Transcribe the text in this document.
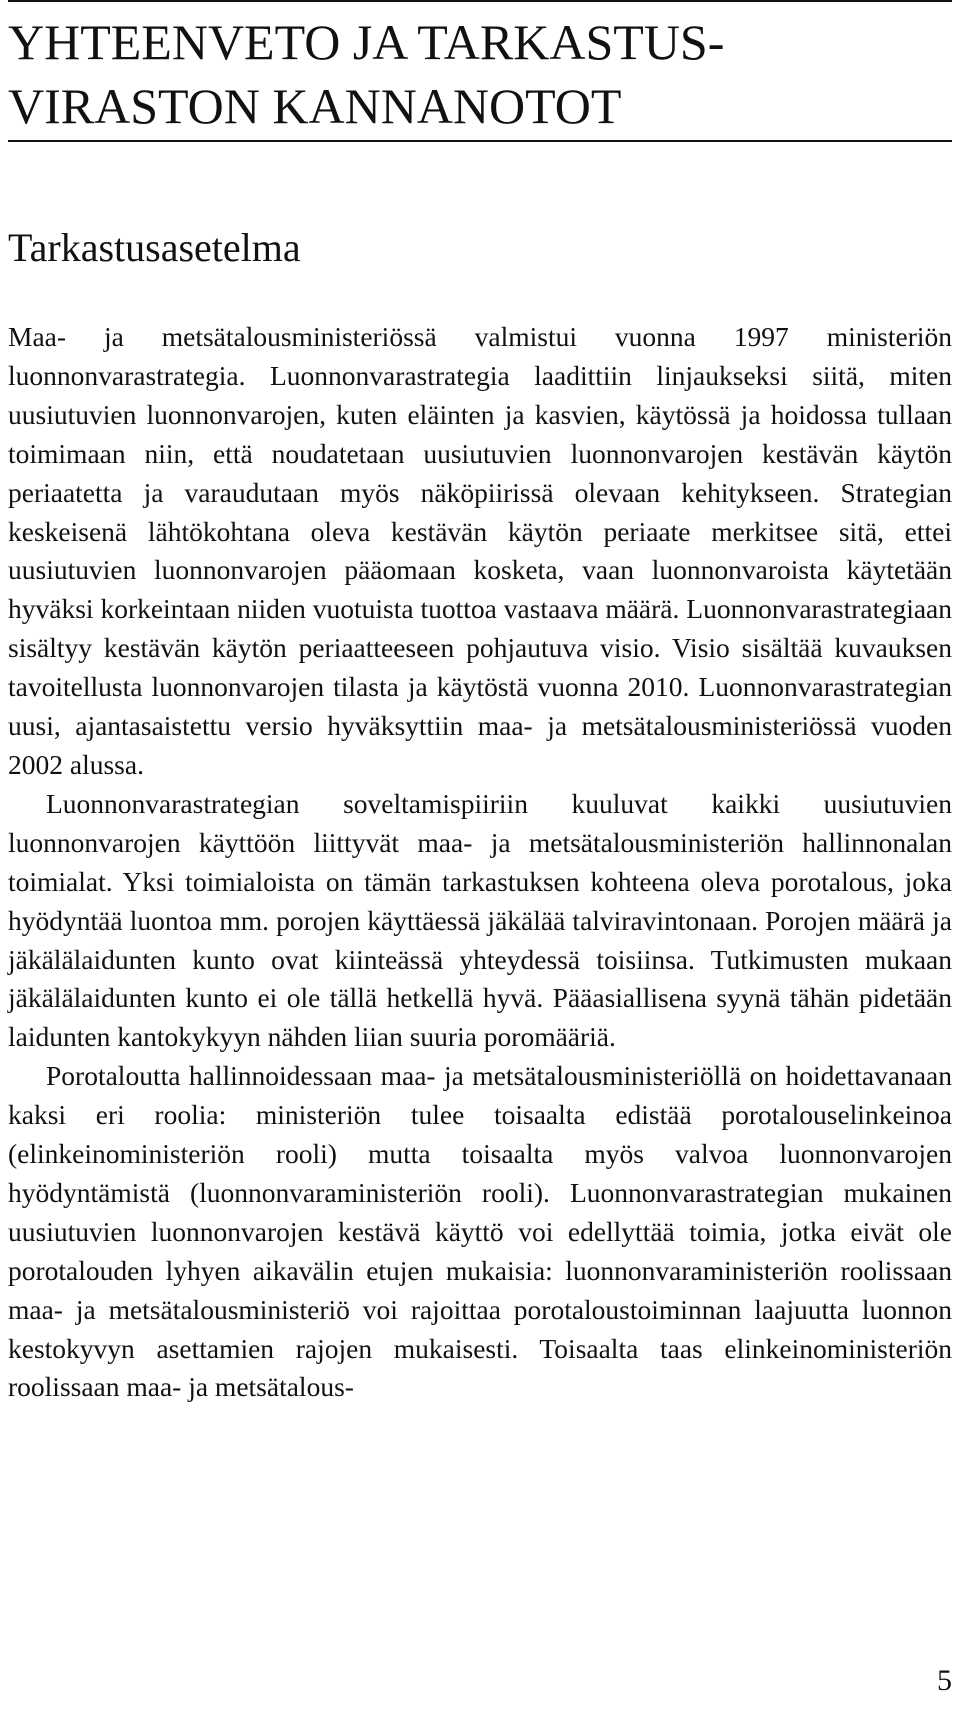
YHTEENVETO JA TARKASTUS-
VIRASTON KANNANOTOT
Tarkastusasetelma

Maa- ja metsätalousministeriössä valmistui vuonna 1997 ministeriön luonnonvarastrategia. Luonnonvarastrategia laadittiin linjaukseksi siitä, miten uusiutuvien luonnonvarojen, kuten eläinten ja kasvien, käytössä ja hoidossa tullaan toimimaan niin, että noudatetaan uusiutuvien luonnonvarojen kestävän käytön periaatetta ja varaudutaan myös näköpiirissä olevaan kehitykseen. Strategian keskeisenä lähtökohtana oleva kestävän käytön periaate merkitsee sitä, ettei uusiutuvien luonnonvarojen pääomaan kosketa, vaan luonnonvaroista käytetään hyväksi korkeintaan niiden vuotuista tuottoa vastaava määrä. Luonnonvarastrategiaan sisältyy kestävän käytön periaatteeseen pohjautuva visio. Visio sisältää kuvauksen tavoitellusta luonnonvarojen tilasta ja käytöstä vuonna 2010. Luonnonvarastrategian uusi, ajantasaistettu versio hyväksyttiin maa- ja metsätalousministeriössä vuoden 2002 alussa.

Luonnonvarastrategian soveltamispiiriin kuuluvat kaikki uusiutuvien luonnonvarojen käyttöön liittyvät maa- ja metsätalousministeriön hallinnonalan toimialat. Yksi toimialoista on tämän tarkastuksen kohteena oleva porotalous, joka hyödyntää luontoa mm. porojen käyttäessä jäkälää talviravintonaan. Porojen määrä ja jäkälälaidunten kunto ovat kiinteässä yhteydessä toisiinsa. Tutkimusten mukaan jäkälälaidunten kunto ei ole tällä hetkellä hyvä. Pääasiallisena syynä tähän pidetään laidunten kantokykyyn nähden liian suuria poromääriä.

Porotaloutta hallinnoidessaan maa- ja metsätalousministeriöllä on hoidettavanaan kaksi eri roolia: ministeriön tulee toisaalta edistää porotalouselinkeinoa (elinkeinoministeriön rooli) mutta toisaalta myös valvoa luonnonvarojen hyödyntämistä (luonnonvaraministeriön rooli). Luonnonvarastrategian mukainen uusiutuvien luonnonvarojen kestävä käyttö voi edellyttää toimia, jotka eivät ole porotalouden lyhyen aikavälin etujen mukaisia: luonnonvaraministeriön roolissaan maa- ja metsätalousministeriö voi rajoittaa porotaloustoiminnan laajuutta luonnon kestokyvyn asettamien rajojen mukaisesti. Toisaalta taas elinkeinoministeriön roolissaan maa- ja metsätalous-

5
